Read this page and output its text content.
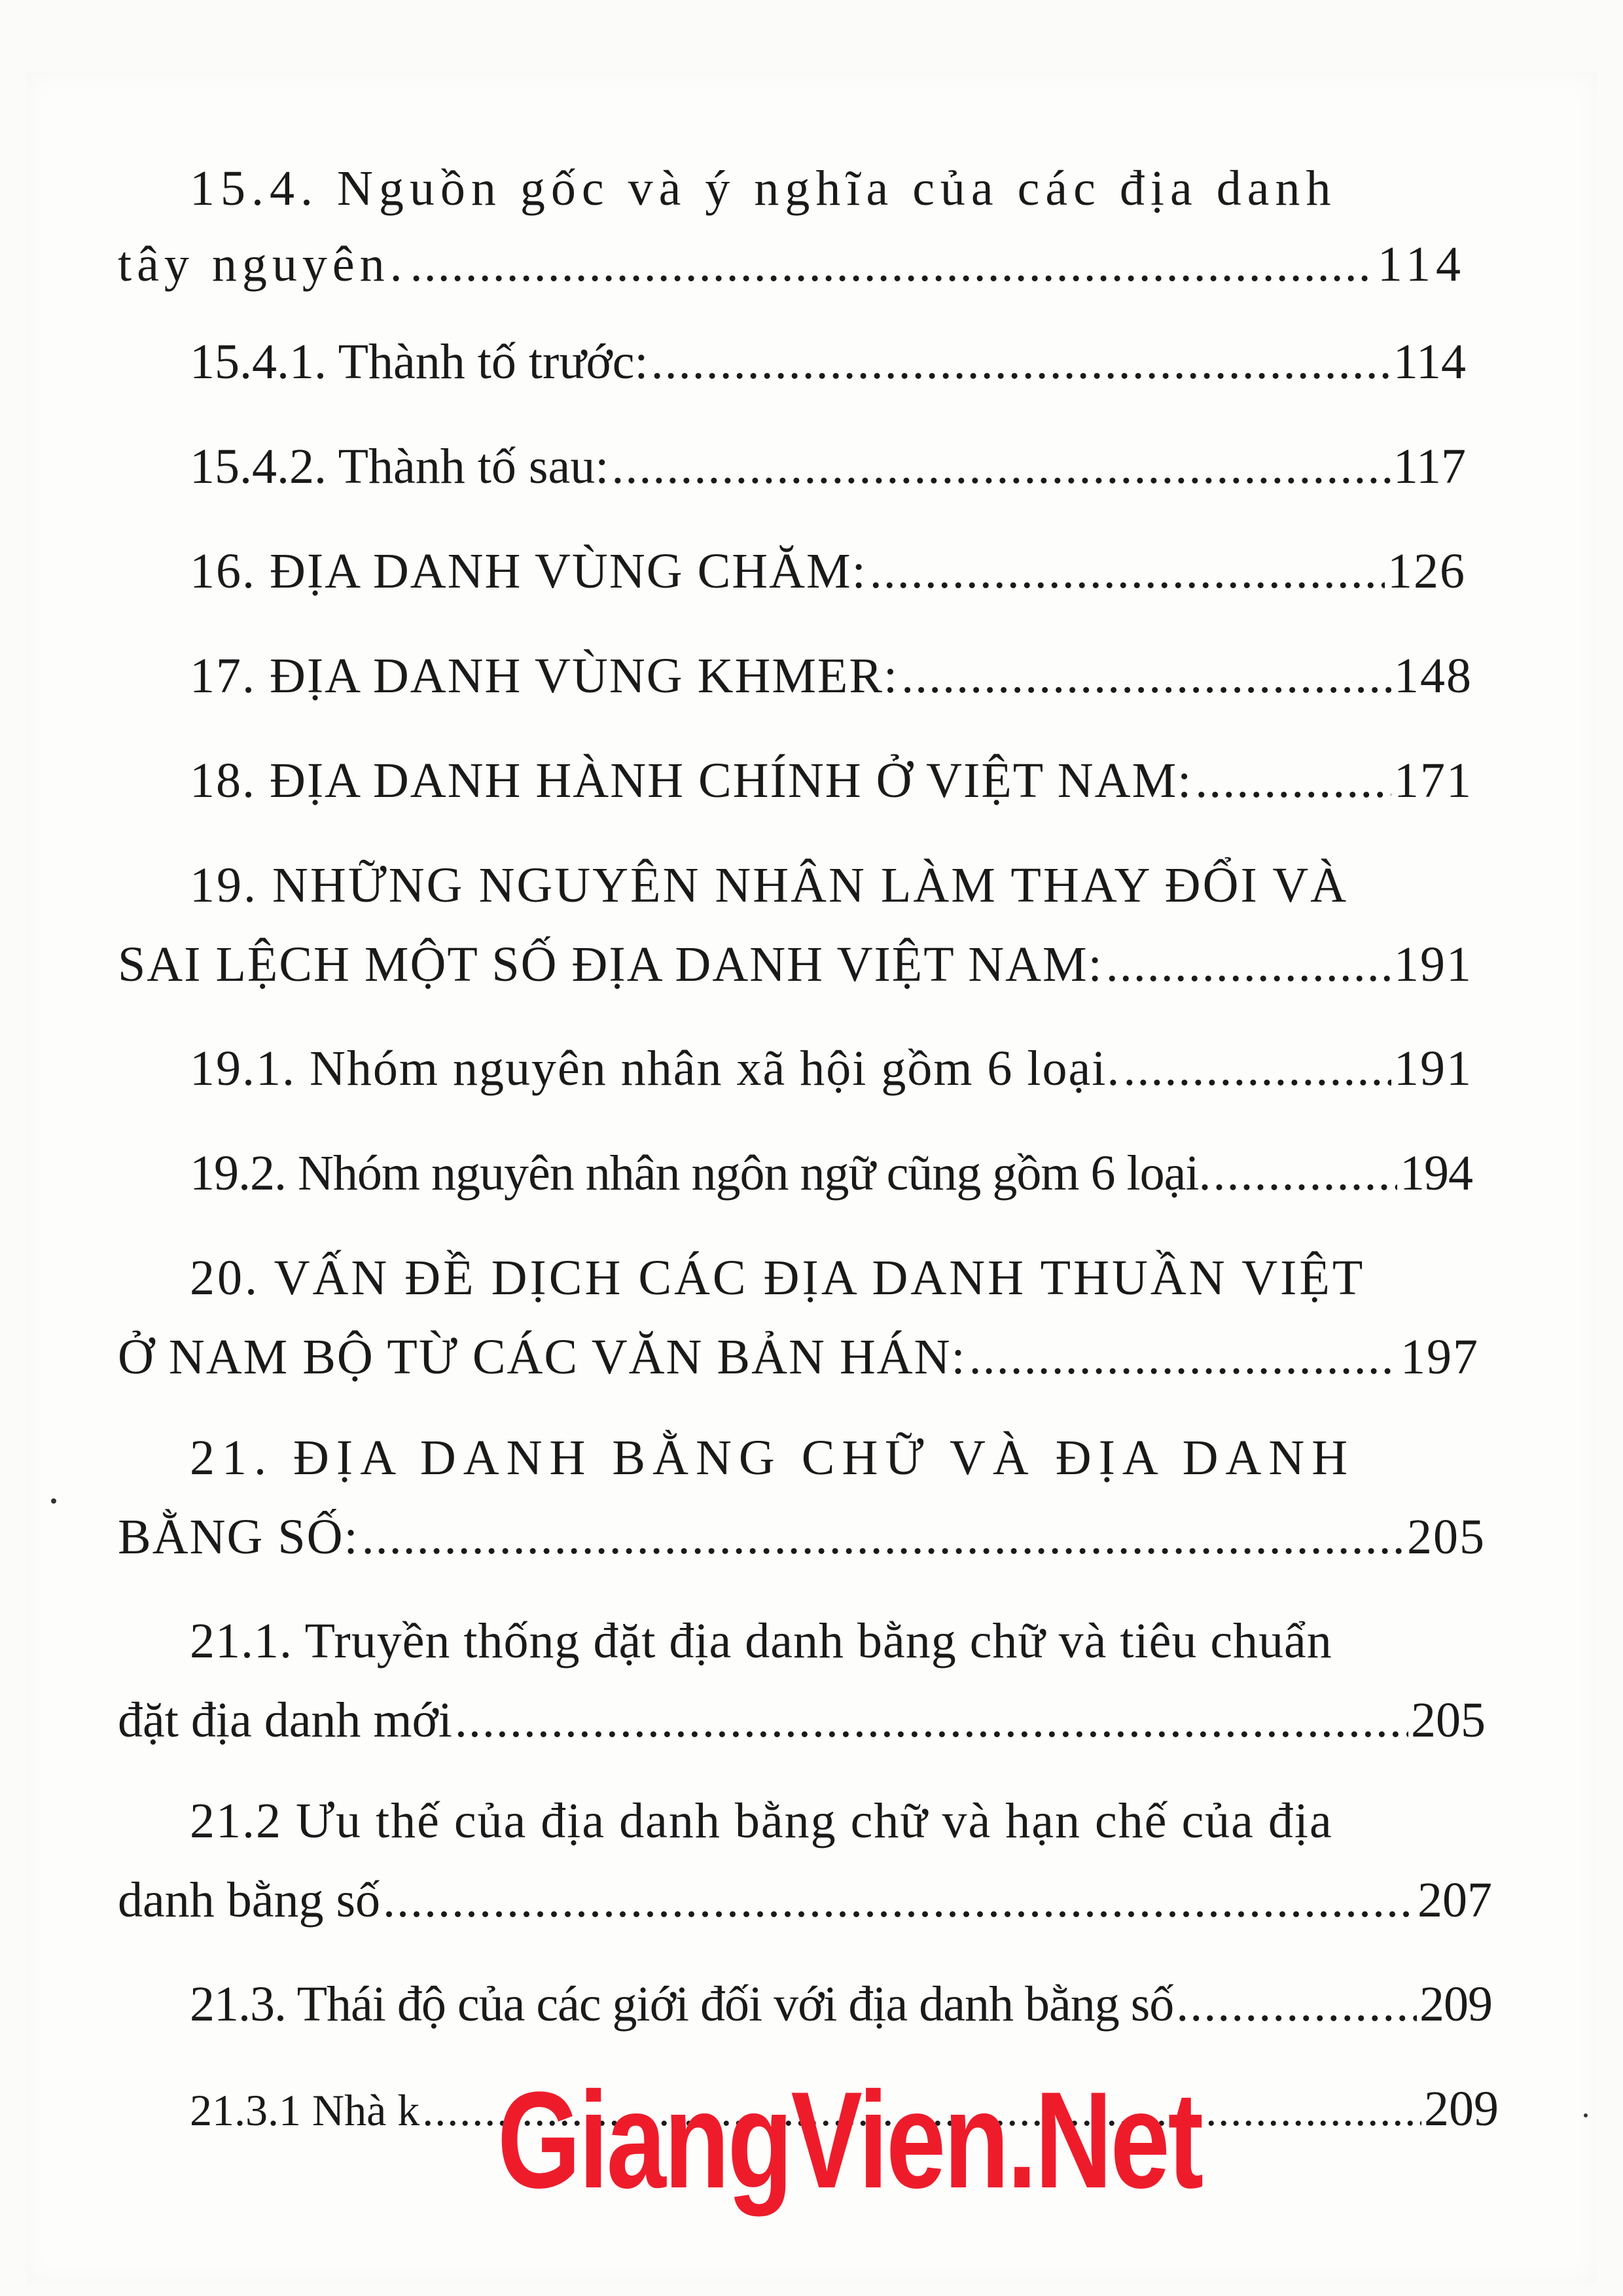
15.4. Nguồn gốc và ý nghĩa của các địa danh
tây nguyên. .....	114
15.4.1. Thành tố trước: .....	114
15.4.2. Thành tố sau: .....	117
16. ĐỊA DANH VÙNG CHĂM: .....	126
17. ĐỊA DANH VÙNG KHMER: .....	148
18. ĐỊA DANH HÀNH CHÍNH Ở VIỆT NAM: .....	171
19. NHỮNG NGUYÊN NHÂN LÀM THAY ĐỔI VÀ
SAI LỆCH MỘT SỐ ĐỊA DANH VIỆT NAM: .....	191
19.1. Nhóm nguyên nhân xã hội gồm 6 loại. .....	191
19.2. Nhóm nguyên nhân ngôn ngữ cũng gồm 6 loại. .....	194
20. VẤN ĐỀ DỊCH CÁC ĐỊA DANH THUẦN VIỆT
Ở NAM BỘ TỪ CÁC VĂN BẢN HÁN: .....	197
21. ĐỊA DANH BẰNG CHỮ VÀ ĐỊA DANH
BẰNG SỐ: .....	205
21.1. Truyền thống đặt địa danh bằng chữ và tiêu chuẩn
đặt địa danh mới .....	205
21.2 Ưu thế của địa danh bằng chữ và hạn chế của địa
danh bằng số .....	207
21.3. Thái độ của các giới đối với địa danh bằng số .....	209
21.3.1 Nhà k .....	209
GiangVien.Net
